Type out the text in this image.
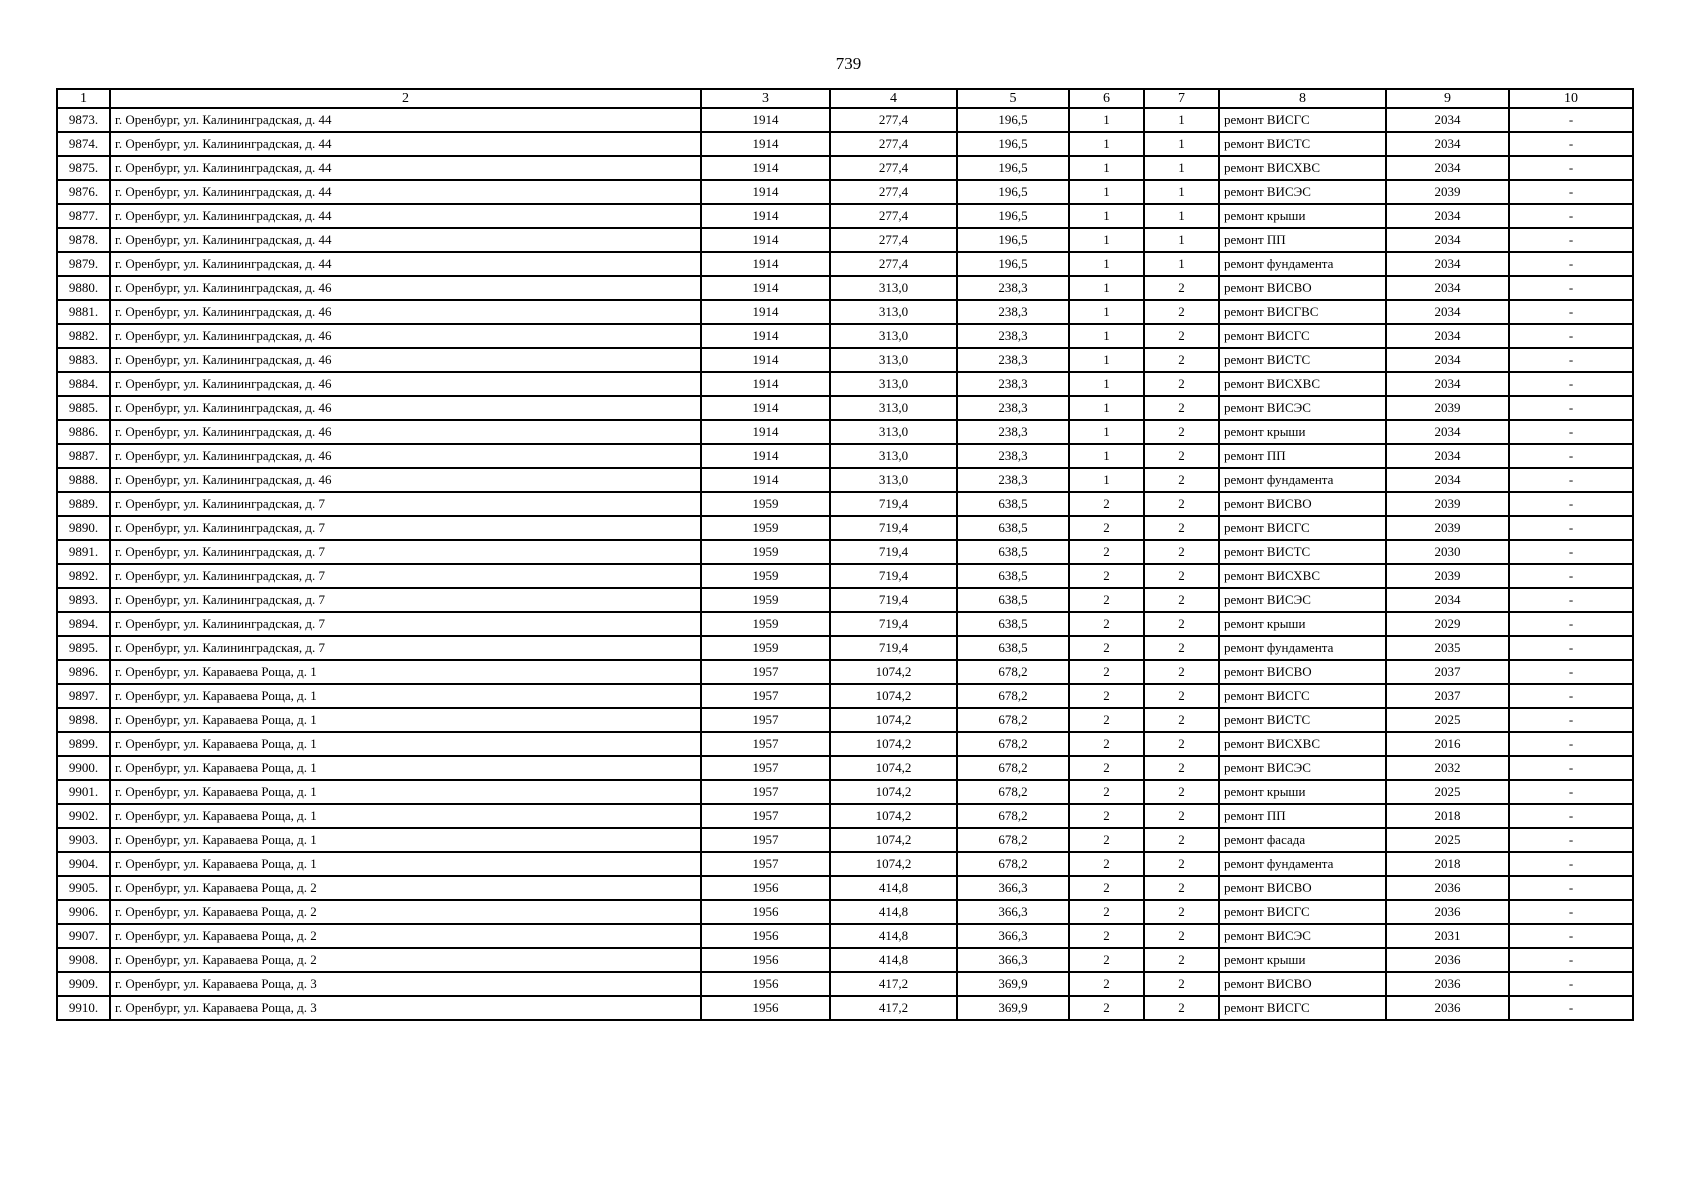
739
1	2	3	4	5	6	7	8	9	10
9873.	г. Оренбург, ул. Калининградская, д. 44	1914	277,4	196,5	1	1	ремонт ВИСГС	2034	-
9874.	г. Оренбург, ул. Калининградская, д. 44	1914	277,4	196,5	1	1	ремонт ВИСТС	2034	-
9875.	г. Оренбург, ул. Калининградская, д. 44	1914	277,4	196,5	1	1	ремонт ВИСХВС	2034	-
9876.	г. Оренбург, ул. Калининградская, д. 44	1914	277,4	196,5	1	1	ремонт ВИСЭС	2039	-
9877.	г. Оренбург, ул. Калининградская, д. 44	1914	277,4	196,5	1	1	ремонт крыши	2034	-
9878.	г. Оренбург, ул. Калининградская, д. 44	1914	277,4	196,5	1	1	ремонт ПП	2034	-
9879.	г. Оренбург, ул. Калининградская, д. 44	1914	277,4	196,5	1	1	ремонт фундамента	2034	-
9880.	г. Оренбург, ул. Калининградская, д. 46	1914	313,0	238,3	1	2	ремонт ВИСВО	2034	-
9881.	г. Оренбург, ул. Калининградская, д. 46	1914	313,0	238,3	1	2	ремонт ВИСГВС	2034	-
9882.	г. Оренбург, ул. Калининградская, д. 46	1914	313,0	238,3	1	2	ремонт ВИСГС	2034	-
9883.	г. Оренбург, ул. Калининградская, д. 46	1914	313,0	238,3	1	2	ремонт ВИСТС	2034	-
9884.	г. Оренбург, ул. Калининградская, д. 46	1914	313,0	238,3	1	2	ремонт ВИСХВС	2034	-
9885.	г. Оренбург, ул. Калининградская, д. 46	1914	313,0	238,3	1	2	ремонт ВИСЭС	2039	-
9886.	г. Оренбург, ул. Калининградская, д. 46	1914	313,0	238,3	1	2	ремонт крыши	2034	-
9887.	г. Оренбург, ул. Калининградская, д. 46	1914	313,0	238,3	1	2	ремонт ПП	2034	-
9888.	г. Оренбург, ул. Калининградская, д. 46	1914	313,0	238,3	1	2	ремонт фундамента	2034	-
9889.	г. Оренбург, ул. Калининградская, д. 7	1959	719,4	638,5	2	2	ремонт ВИСВО	2039	-
9890.	г. Оренбург, ул. Калининградская, д. 7	1959	719,4	638,5	2	2	ремонт ВИСГС	2039	-
9891.	г. Оренбург, ул. Калининградская, д. 7	1959	719,4	638,5	2	2	ремонт ВИСТС	2030	-
9892.	г. Оренбург, ул. Калининградская, д. 7	1959	719,4	638,5	2	2	ремонт ВИСХВС	2039	-
9893.	г. Оренбург, ул. Калининградская, д. 7	1959	719,4	638,5	2	2	ремонт ВИСЭС	2034	-
9894.	г. Оренбург, ул. Калининградская, д. 7	1959	719,4	638,5	2	2	ремонт крыши	2029	-
9895.	г. Оренбург, ул. Калининградская, д. 7	1959	719,4	638,5	2	2	ремонт фундамента	2035	-
9896.	г. Оренбург, ул. Караваева Роща, д. 1	1957	1074,2	678,2	2	2	ремонт ВИСВО	2037	-
9897.	г. Оренбург, ул. Караваева Роща, д. 1	1957	1074,2	678,2	2	2	ремонт ВИСГС	2037	-
9898.	г. Оренбург, ул. Караваева Роща, д. 1	1957	1074,2	678,2	2	2	ремонт ВИСТС	2025	-
9899.	г. Оренбург, ул. Караваева Роща, д. 1	1957	1074,2	678,2	2	2	ремонт ВИСХВС	2016	-
9900.	г. Оренбург, ул. Караваева Роща, д. 1	1957	1074,2	678,2	2	2	ремонт ВИСЭС	2032	-
9901.	г. Оренбург, ул. Караваева Роща, д. 1	1957	1074,2	678,2	2	2	ремонт крыши	2025	-
9902.	г. Оренбург, ул. Караваева Роща, д. 1	1957	1074,2	678,2	2	2	ремонт ПП	2018	-
9903.	г. Оренбург, ул. Караваева Роща, д. 1	1957	1074,2	678,2	2	2	ремонт фасада	2025	-
9904.	г. Оренбург, ул. Караваева Роща, д. 1	1957	1074,2	678,2	2	2	ремонт фундамента	2018	-
9905.	г. Оренбург, ул. Караваева Роща, д. 2	1956	414,8	366,3	2	2	ремонт ВИСВО	2036	-
9906.	г. Оренбург, ул. Караваева Роща, д. 2	1956	414,8	366,3	2	2	ремонт ВИСГС	2036	-
9907.	г. Оренбург, ул. Караваева Роща, д. 2	1956	414,8	366,3	2	2	ремонт ВИСЭС	2031	-
9908.	г. Оренбург, ул. Караваева Роща, д. 2	1956	414,8	366,3	2	2	ремонт крыши	2036	-
9909.	г. Оренбург, ул. Караваева Роща, д. 3	1956	417,2	369,9	2	2	ремонт ВИСВО	2036	-
9910.	г. Оренбург, ул. Караваева Роща, д. 3	1956	417,2	369,9	2	2	ремонт ВИСГС	2036	-
